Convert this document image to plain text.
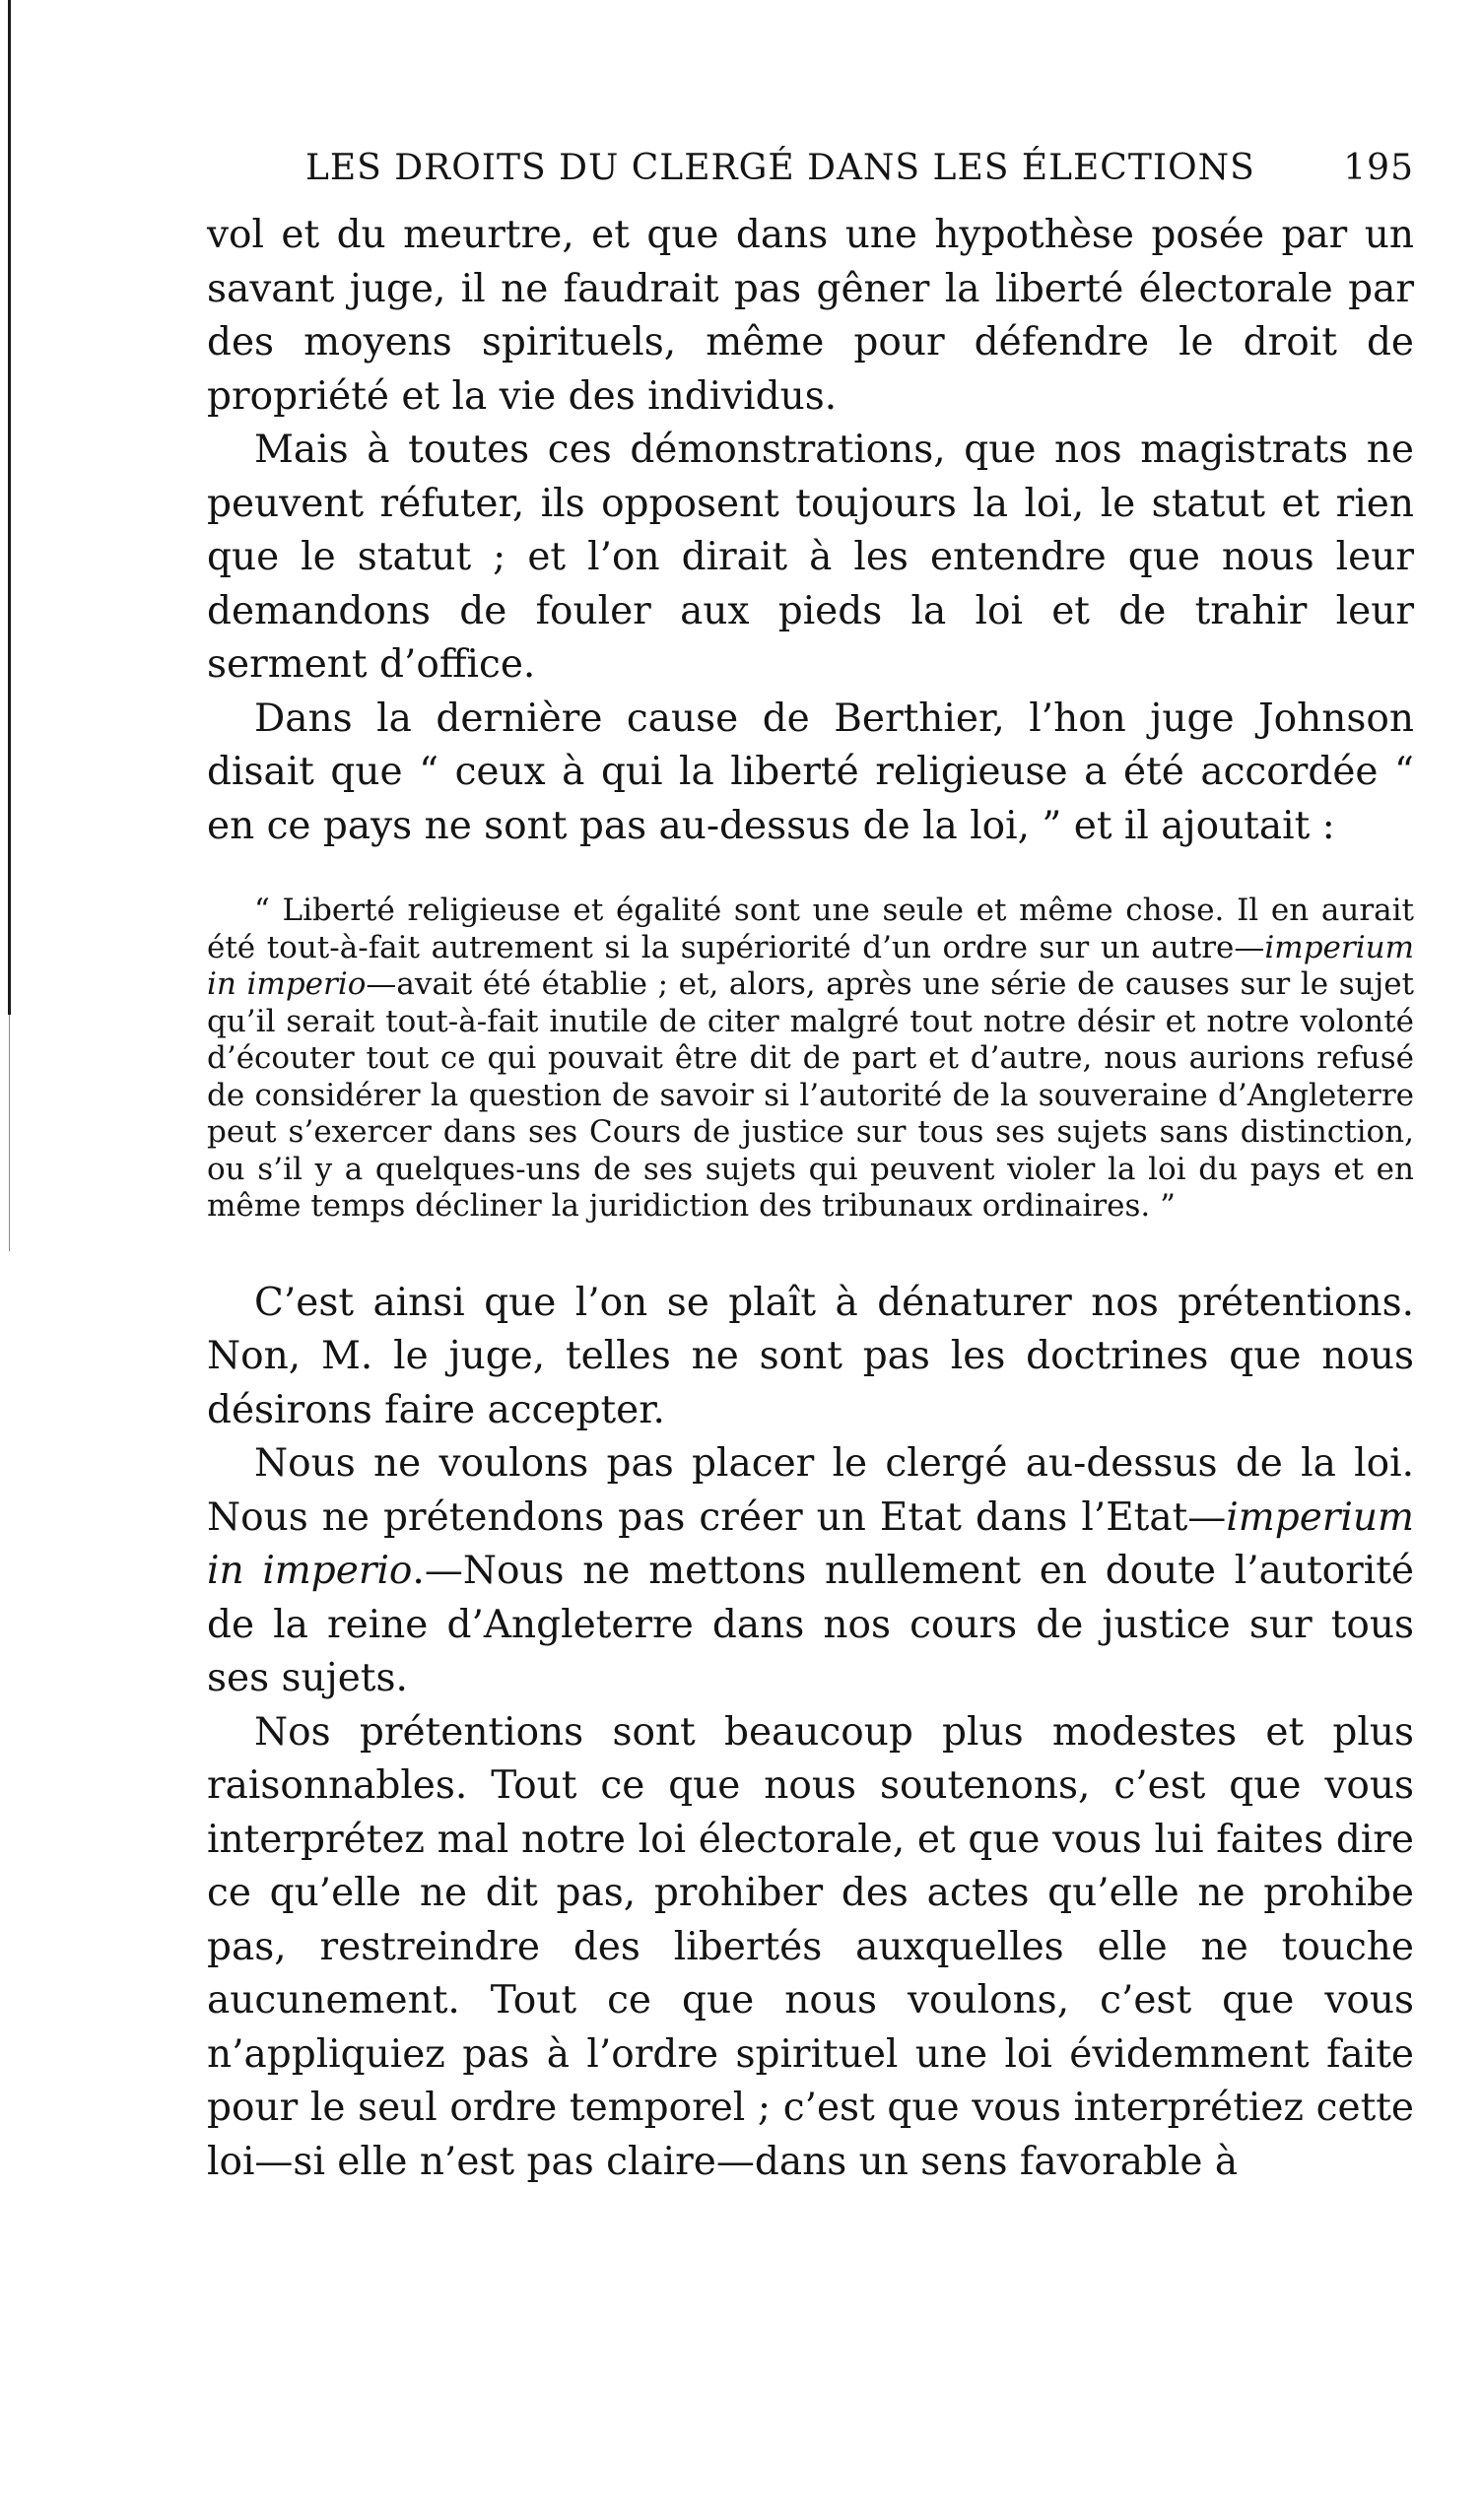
LES DROITS DU CLERGÉ DANS LES ÉLECTIONS 195

vol et du meurtre, et que dans une hypothèse posée par un savant juge, il ne faudrait pas gêner la liberté électorale par des moyens spirituels, même pour défendre le droit de propriété et la vie des individus.

Mais à toutes ces démonstrations, que nos magistrats ne peuvent réfuter, ils opposent toujours la loi, le statut et rien que le statut ; et l’on dirait à les entendre que nous leur demandons de fouler aux pieds la loi et de trahir leur serment d’office.

Dans la dernière cause de Berthier, l’hon juge Johnson disait que “ ceux à qui la liberté religieuse a été accordée “ en ce pays ne sont pas au-dessus de la loi, ” et il ajoutait :

“ Liberté religieuse et égalité sont une seule et même chose. Il en aurait été tout-à-fait autrement si la supériorité d’un ordre sur un autre—imperium in imperio—avait été établie ; et, alors, après une série de causes sur le sujet qu’il serait tout-à-fait inutile de citer malgré tout notre désir et notre volonté d’écouter tout ce qui pouvait être dit de part et d’autre, nous aurions refusé de considérer la question de savoir si l’autorité de la souveraine d’Angleterre peut s’exercer dans ses Cours de justice sur tous ses sujets sans distinction, ou s’il y a quelques-uns de ses sujets qui peuvent violer la loi du pays et en même temps décliner la juridiction des tribunaux ordinaires. ”

C’est ainsi que l’on se plaît à dénaturer nos prétentions. Non, M. le juge, telles ne sont pas les doctrines que nous désirons faire accepter.

Nous ne voulons pas placer le clergé au-dessus de la loi. Nous ne prétendons pas créer un Etat dans l’Etat—imperium in imperio.—Nous ne mettons nullement en doute l’autorité de la reine d’Angleterre dans nos cours de justice sur tous ses sujets.

Nos prétentions sont beaucoup plus modestes et plus raisonnables. Tout ce que nous soutenons, c’est que vous interprétez mal notre loi électorale, et que vous lui faites dire ce qu’elle ne dit pas, prohiber des actes qu’elle ne prohibe pas, restreindre des libertés auxquelles elle ne touche aucunement. Tout ce que nous voulons, c’est que vous n’appliquiez pas à l’ordre spirituel une loi évidemment faite pour le seul ordre temporel ; c’est que vous interprétiez cette loi—si elle n’est pas claire—dans un sens favorable à
